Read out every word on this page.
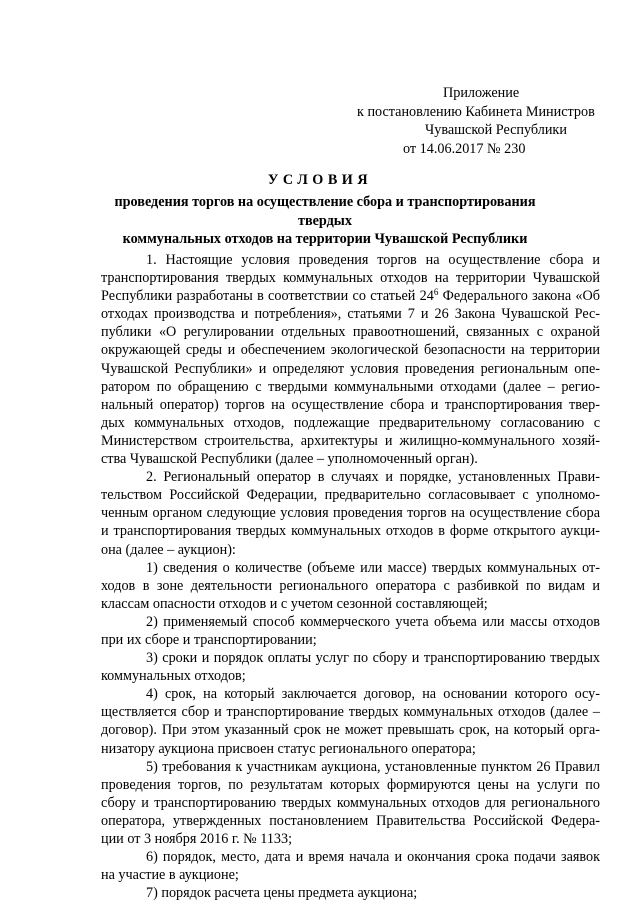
Приложение
к постановлению Кабинета Министров
Чувашской Республики
от 14.06.2017 № 230
УСЛОВИЯ
проведения торгов на осуществление сбора и транспортирования твердых
коммунальных отходов на территории Чувашской Республики
1. Настоящие условия проведения торгов на осуществление сбора и
транспортирования твердых коммунальных отходов на территории Чувашской
Республики разработаны в соответствии со статьей $24^6$ Федерального закона «Об
отходах производства и потребления», статьями 7 и 26 Закона Чувашской Рес-
публики «О регулировании отдельных правоотношений, связанных с охраной
окружающей среды и обеспечением экологической безопасности на территории
Чувашской Республики» и определяют условия проведения региональным опе-
ратором по обращению с твердыми коммунальными отходами (далее – регио-
нальный оператор) торгов на осуществление сбора и транспортирования твер-
дых коммунальных отходов, подлежащие предварительному согласованию с
Министерством строительства, архитектуры и жилищно-коммунального хозяй-
ства Чувашской Республики (далее – уполномоченный орган).
2. Региональный оператор в случаях и порядке, установленных Прави-
тельством Российской Федерации, предварительно согласовывает с уполномо-
ченным органом следующие условия проведения торгов на осуществление сбора
и транспортирования твердых коммунальных отходов в форме открытого аукци-
она (далее – аукцион):
1) сведения о количестве (объеме или массе) твердых коммунальных от-
ходов в зоне деятельности регионального оператора с разбивкой по видам и
классам опасности отходов и с учетом сезонной составляющей;
2) применяемый способ коммерческого учета объема или массы отходов
при их сборе и транспортировании;
3) сроки и порядок оплаты услуг по сбору и транспортированию твердых
коммунальных отходов;
4) срок, на который заключается договор, на основании которого осу-
ществляется сбор и транспортирование твердых коммунальных отходов (далее –
договор). При этом указанный срок не может превышать срок, на который орга-
низатору аукциона присвоен статус регионального оператора;
5) требования к участникам аукциона, установленные пунктом 26 Правил
проведения торгов, по результатам которых формируются цены на услуги по
сбору и транспортированию твердых коммунальных отходов для регионального
оператора, утвержденных постановлением Правительства Российской Федера-
ции от 3 ноября 2016 г. № 1133;
6) порядок, место, дата и время начала и окончания срока подачи заявок
на участие в аукционе;
7) порядок расчета цены предмета аукциона;
